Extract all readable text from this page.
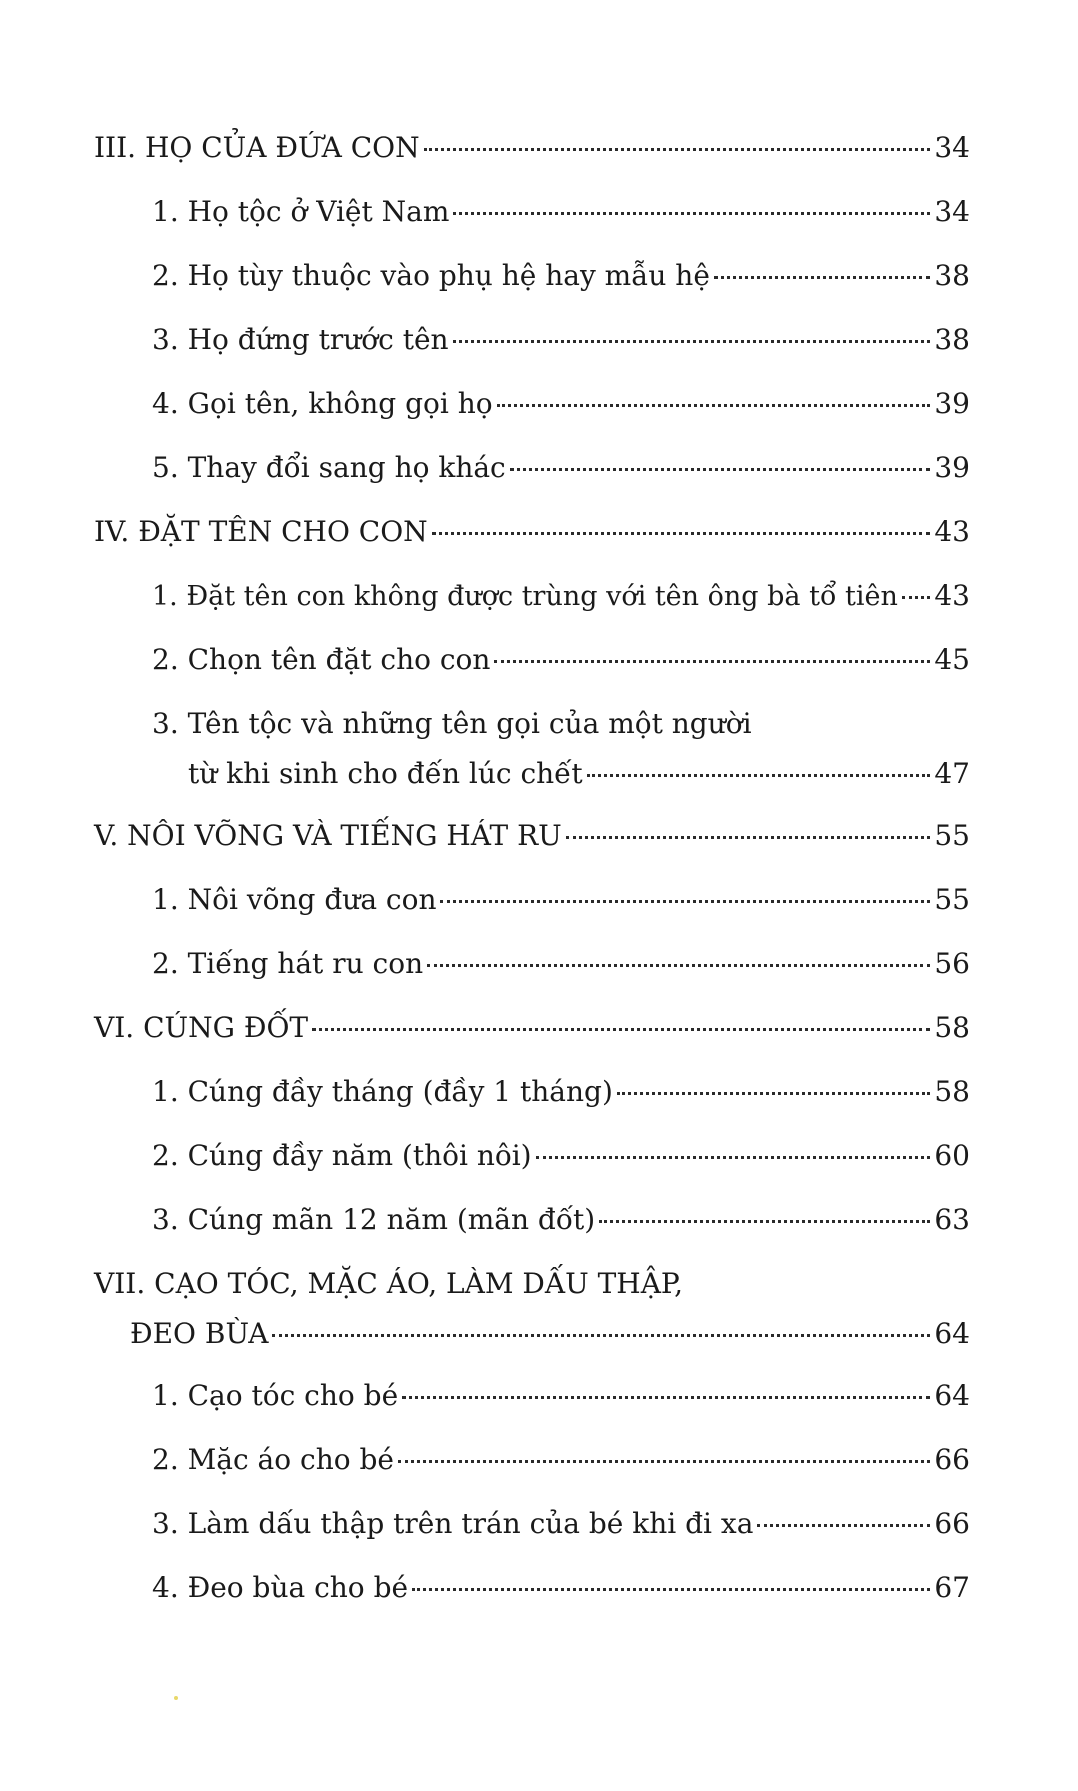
III. HỌ CỦA ĐỨA CON	34
1. Họ tộc ở Việt Nam	34
2. Họ tùy thuộc vào phụ hệ hay mẫu hệ	38
3. Họ đứng trước tên	38
4. Gọi tên, không gọi họ	39
5. Thay đổi sang họ khác	39
IV. ĐẶT TÊN CHO CON	43
1. Đặt tên con không được trùng với tên ông bà tổ tiên 43
2. Chọn tên đặt cho con	45
3. Tên tộc và những tên gọi của một người
từ khi sinh cho đến lúc chết	47
V. NÔI VÕNG VÀ TIẾNG HÁT RU	55
1. Nôi võng đưa con	55
2. Tiếng hát ru con	56
VI. CÚNG ĐỐT	58
1. Cúng đầy tháng (đầy 1 tháng)	58
2. Cúng đầy năm (thôi nôi)	60
3. Cúng mãn 12 năm (mãn đốt)	63
VII. CẠO TÓC, MẶC ÁO, LÀM DẤU THẬP,
ĐEO BÙA	64
1. Cạo tóc cho bé	64
2. Mặc áo cho bé	66
3. Làm dấu thập trên trán của bé khi đi xa	66
4. Đeo bùa cho bé	67
